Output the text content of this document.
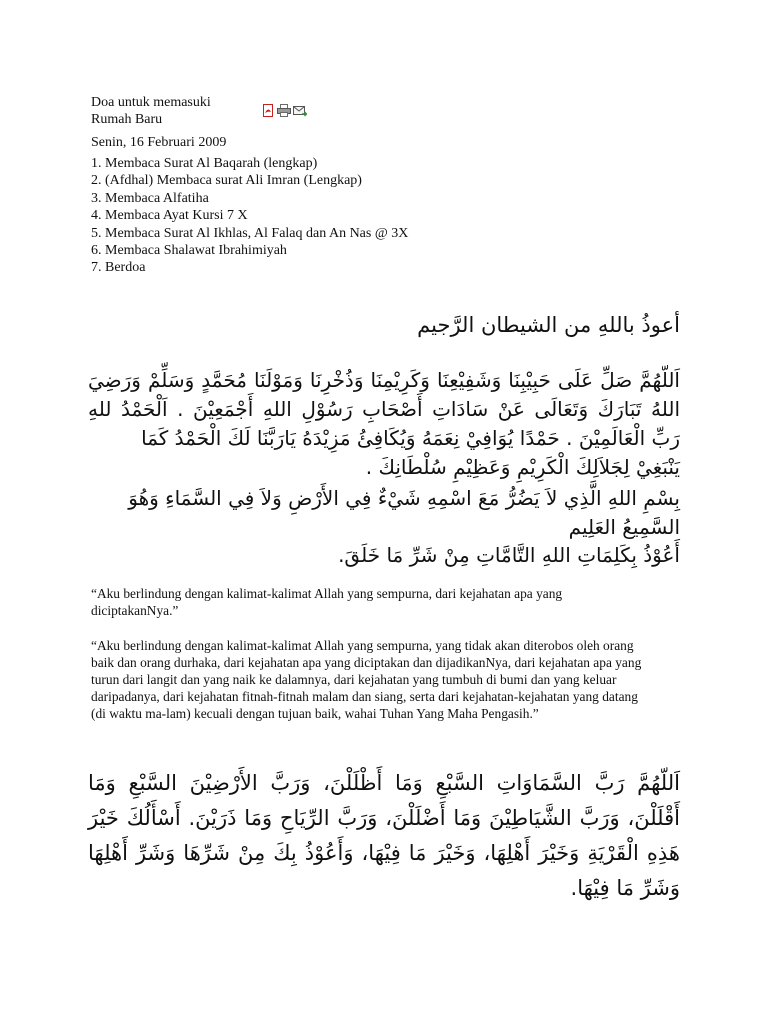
Doa untuk memasuki
Rumah Baru
Senin, 16 Februari 2009
1. Membaca Surat Al Baqarah (lengkap)
2. (Afdhal) Membaca surat Ali Imran (Lengkap)
3. Membaca Alfatiha
4. Membaca Ayat Kursi 7 X
5. Membaca Surat Al Ikhlas, Al Falaq dan An Nas @ 3X
6. Membaca Shalawat Ibrahimiyah
7. Berdoa
أعوذُ باللهِ من الشيطان الرَّجيم
اَللّهُمَّ صَلِّ عَلَى حَبِيْبِنَا وَشَفِيْعِنَا وَكَرِيْمِنَا وَذُخْرِنَا وَمَوْلَنَا مُحَمَّدٍ وَسَلِّمْ وَرَضِيَ اللهُ تَبَارَكَ وَتَعَالَى عَنْ سَادَاتِ أَصْحَابِ رَسُوْلِ اللهِ أَجْمَعِيْنَ . اَلْحَمْدُ للهِ رَبِّ الْعَالَمِيْنَ . حَمْدًا يُوَافِيْ نِعَمَهُ وَيُكَافِئُ مَزِيْدَهُ يَارَبَّنَا لَكَ الْحَمْدُ كَمَا
يَنْبَغِيْ لِجَلاَلِكَ الْكَرِيْمِ وَعَظِيْمِ سُلْطَانِكَ .
بِسْمِ اللهِ الَّذِي لاَ يَضُرُّ مَعَ اسْمِهِ شَيْءٌ فِي الأَرْضِ وَلاَ فِي السَّمَاءِ وَهُوَ السَّمِيعُ العَلِيم
أَعُوْذُ بِكَلِمَاتِ اللهِ التَّامَّاتِ مِنْ شَرِّ مَا خَلَقَ.

“Aku berlindung dengan kalimat-kalimat Allah yang sempurna, dari kejahatan apa yang diciptakanNya.”

“Aku berlindung dengan kalimat-kalimat Allah yang sempurna, yang tidak akan diterobos oleh orang baik dan orang durhaka, dari kejahatan apa yang diciptakan dan dijadikanNya, dari kejahatan apa yang turun dari langit dan yang naik ke dalamnya, dari kejahatan yang tumbuh di bumi dan yang keluar daripadanya, dari kejahatan fitnah-fitnah malam dan siang, serta dari kejahatan-kejahatan yang datang (di waktu ma-lam) kecuali dengan tujuan baik, wahai Tuhan Yang Maha Pengasih.”

اَللّهُمَّ رَبَّ السَّمَاوَاتِ السَّبْعِ وَمَا أَظْلَلْنَ، وَرَبَّ الأَرْضِيْنَ السَّبْعِ وَمَا أَقْلَلْنَ، وَرَبَّ الشَّيَاطِيْنَ وَمَا أَضْلَلْنَ، وَرَبَّ الرِّيَاحِ وَمَا ذَرَيْنَ. أَسْأَلُكَ خَيْرَ هَذِهِ الْقَرْيَةِ وَخَيْرَ أَهْلِهَا، وَخَيْرَ مَا فِيْهَا، وَأَعُوْذُ بِكَ مِنْ شَرِّهَا وَشَرِّ أَهْلِهَا وَشَرِّ مَا فِيْهَا.
